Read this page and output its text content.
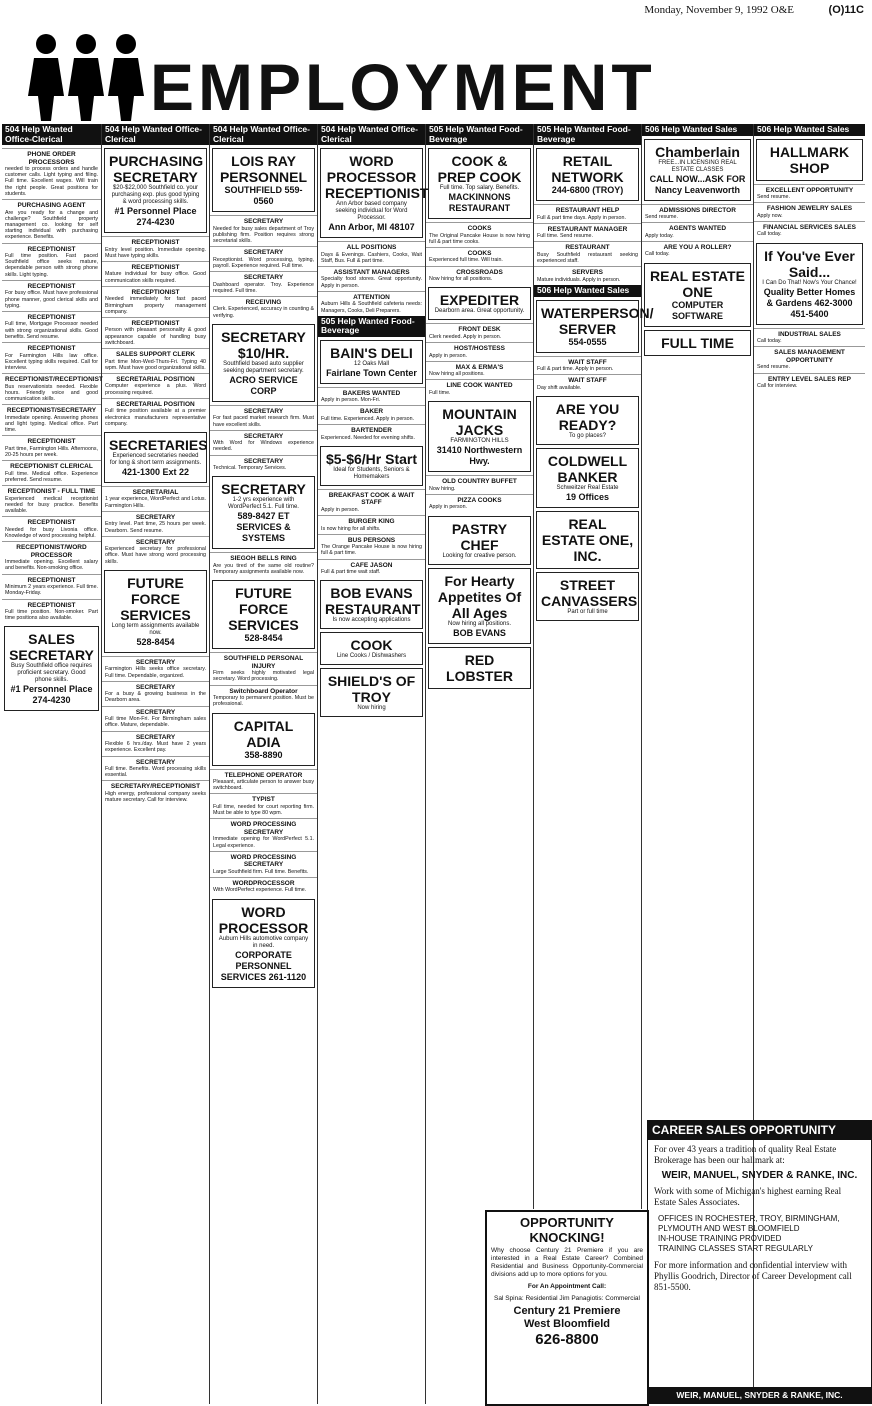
Monday, November 9, 1992 O&E	(O)11C
EMPLOYMENT
504 Help Wanted Office-Clerical
PHONE ORDER PROCESSORS

needed to process orders and handle customer calls. Light typing and filing. Full time. Excellent wages. Will train the right people. Great positions for students.

PURCHASING AGENT

Are you ready for a change and challenge? Southfield property management co. looking for self starting individual with purchasing experience. Benefits.

RECEPTIONIST

Full time position. Fast paced Southfield office seeks mature, dependable person with strong phone skills. Light typing.

RECEPTIONIST

For busy office. Must have professional phone manner, good clerical skills and typing.

RECEPTIONIST

Full time, Mortgage Processor needed with strong organizational skills. Good benefits. Send resume.

RECEPTIONIST

For Farmington Hills law office. Excellent typing skills required. Call for interview.

RECEPTIONIST/RECEPTIONIST

Bus reservationists needed. Flexible hours. Friendly voice and good communication skills.

RECEPTIONIST/SECRETARY

Immediate opening. Answering phones and light typing. Medical office. Part time.

RECEPTIONIST

Part time, Farmington Hills. Afternoons, 20-25 hours per week.

RECEPTIONIST CLERICAL

Full time. Medical office. Experience preferred. Send resume.

RECEPTIONIST - FULL TIME

Experienced medical receptionist needed for busy practice. Benefits available.

RECEPTIONIST

Needed for busy Livonia office. Knowledge of word processing helpful.

RECEPTIONIST/WORD PROCESSOR

Immediate opening. Excellent salary and benefits. Non-smoking office.

RECEPTIONIST

Minimum 2 years experience. Full time. Monday-Friday.

RECEPTIONIST

Full time position. Non-smoker. Part time positions also available.

SALES SECRETARY
Busy Southfield office requires proficient secretary. Good phone skills.
#1 Personnel Place 274-4230
504 Help Wanted Office-Clerical
PURCHASING SECRETARY
$20-$22,000 Southfield co. your purchasing exp. plus good typing & word processing skills.
#1 Personnel Place 274-4230
RECEPTIONIST

Entry level position. Immediate opening. Must have typing skills.

RECEPTIONIST

Mature individual for busy office. Good communication skills required.

RECEPTIONIST

Needed immediately for fast paced Birmingham property management company.

RECEPTIONIST

Person with pleasant personality & good appearance capable of handling busy switchboard.

SALES SUPPORT CLERK

Part time Mon-Wed-Thurs-Fri. Typing 40 wpm. Must have good organizational skills.

SECRETARIAL POSITION

Computer experience a plus. Word processing required.

SECRETARIAL POSITION

Full time position available at a premier electronics manufacturers representative company.

SECRETARIES
Experienced secretaries needed for long & short term assignments.
421-1300 Ext 22
SECRETARIAL

1 year experience, WordPerfect and Lotus. Farmington Hills.

SECRETARY

Entry level. Part time, 25 hours per week. Dearborn. Send resume.

SECRETARY

Experienced secretary for professional office. Must have strong word processing skills.

FUTURE FORCE SERVICES
Long term assignments available now.
528-8454
SECRETARY

Farmington Hills seeks office secretary. Full time. Dependable, organized.

SECRETARY

For a busy & growing business in the Dearborn area.

SECRETARY

Full time Mon-Fri. For Birmingham sales office. Mature, dependable.

SECRETARY

Flexible 6 hrs./day. Must have 2 years experience. Excellent pay.

SECRETARY

Full time. Benefits. Word processing skills essential.

SECRETARY/RECEPTIONIST

High energy, professional company seeks mature secretary. Call for interview.

504 Help Wanted Office-Clerical
LOIS RAY PERSONNEL
SOUTHFIELD 559-0560
SECRETARY

Needed for busy sales department of Troy publishing firm. Position requires strong secretarial skills.

SECRETARY

Receptionist. Word processing, typing, payroll. Experience required. Full time.

SECRETARY

Dashboard operator. Troy. Experience required. Full time.

RECEIVING

Clerk. Experienced, accuracy in counting & verifying.

SECRETARY $10/HR.
Southfield based auto supplier seeking department secretary.
ACRO SERVICE CORP
SECRETARY

For fast paced market research firm. Must have excellent skills.

SECRETARY

With Word for Windows experience needed.

SECRETARY

Technical. Temporary Services.

SECRETARY
1-2 yrs experience with WordPerfect 5.1. Full time.
589-8427 ET SERVICES & SYSTEMS
SIEGOH BELLS RING

Are you tired of the same old routine? Temporary assignments available now.

FUTURE FORCE SERVICES
528-8454
SOUTHFIELD PERSONAL INJURY

Firm seeks highly motivated legal secretary. Word processing.

Switchboard Operator

Temporary to permanent position. Must be professional.

CAPITAL ADIA
358-8890
TELEPHONE OPERATOR

Pleasant, articulate person to answer busy switchboard.

TYPIST

Full time, needed for court reporting firm. Must be able to type 80 wpm.

WORD PROCESSING SECRETARY

Immediate opening for WordPerfect 5.1. Legal experience.

WORD PROCESSING SECRETARY

Large Southfield firm. Full time. Benefits.

WORDPROCESSOR

With WordPerfect experience. Full time.

WORD PROCESSOR
Auburn Hills automotive company in need.
CORPORATE PERSONNEL SERVICES 261-1120
504 Help Wanted Office-Clerical
WORD PROCESSOR RECEPTIONIST
Ann Arbor based company seeking individual for Word Processor.
Ann Arbor, MI 48107
ALL POSITIONS

Days & Evenings. Cashiers, Cooks, Wait Staff, Bus. Full & part time.

ASSISTANT MANAGERS

Specialty food stores. Great opportunity. Apply in person.

ATTENTION

Auburn Hills & Southfield cafeteria needs: Managers, Cooks, Deli Preparers.

505 Help Wanted Food-Beverage
BAIN'S DELI
12 Oaks Mall
Fairlane Town Center
BAKERS WANTED

Apply in person. Mon-Fri.

BAKER

Full time. Experienced. Apply in person.

BARTENDER

Experienced. Needed for evening shifts.

$5-$6/Hr Start
Ideal for Students, Seniors & Homemakers
BREAKFAST COOK & WAIT STAFF

Apply in person.

BURGER KING

Is now hiring for all shifts.

BUS PERSONS

The Orange Pancake House is now hiring full & part time.

CAFE JASON

Full & part time wait staff.

BOB EVANS RESTAURANT
Is now accepting applications
COOK
Line Cooks / Dishwashers
SHIELD'S OF TROY
Now hiring
505 Help Wanted Food-Beverage
COOK & PREP COOK
Full time. Top salary. Benefits.
MACKINNONS RESTAURANT
COOKS

The Original Pancake House is now hiring full & part time cooks.

COOKS

Experienced full time. Will train.

CROSSROADS

Now hiring for all positions.

EXPEDITER
Dearborn area. Great opportunity.
FRONT DESK

Clerk needed. Apply in person.

HOST/HOSTESS

Apply in person.

MAX & ERMA'S

Now hiring all positions.

LINE COOK WANTED

Full time.

MOUNTAIN JACKS
FARMINGTON HILLS
31410 Northwestern Hwy.
OLD COUNTRY BUFFET

Now hiring.

PIZZA COOKS

Apply in person.

PASTRY CHEF
Looking for creative person.
For Hearty Appetites Of All Ages
Now hiring all positions.
BOB EVANS
RED LOBSTER
505 Help Wanted Food-Beverage
RETAIL NETWORK
244-6800 (TROY)
RESTAURANT HELP

Full & part time days. Apply in person.

RESTAURANT MANAGER

Full time. Send resume.

RESTAURANT

Busy Southfield restaurant seeking experienced staff.

SERVERS

Mature individuals. Apply in person.

506 Help Wanted Sales
WATERPERSON/ SERVER
554-0555
WAIT STAFF

Full & part time. Apply in person.

WAIT STAFF

Day shift available.

ARE YOU READY?
To go places?
COLDWELL BANKER
Schweitzer Real Estate
19 Offices
REAL ESTATE ONE, INC.
STREET CANVASSERS
Part or full time
506 Help Wanted Sales
Chamberlain
FREE...IN LICENSING REAL ESTATE CLASSES
CALL NOW...ASK FOR Nancy Leavenworth
ADMISSIONS DIRECTOR

Send resume.

AGENTS WANTED

Apply today.

ARE YOU A ROLLER?

Call today.

REAL ESTATE ONE
COMPUTER SOFTWARE
FULL TIME
506 Help Wanted Sales
HALLMARK SHOP
EXCELLENT OPPORTUNITY

Send resume.

FASHION JEWELRY SALES

Apply now.

FINANCIAL SERVICES SALES

Call today.

If You've Ever Said...
I Can Do That! Now's Your Chance!
Quality Better Homes & Gardens 462-3000 451-5400
INDUSTRIAL SALES

Call today.

SALES MANAGEMENT OPPORTUNITY

Send resume.

ENTRY LEVEL SALES REP

Call for interview.

OPPORTUNITY KNOCKING!
Why choose Century 21 Premiere if you are interested in a Real Estate Career? Combined Residential and Business Opportunity-Commercial divisions add up to more options for you.
For An Appointment Call:
Sal Spina: Residential Jim Panagiotis: Commercial
Century 21 Premiere
West Bloomfield
626-8800
CAREER SALES OPPORTUNITY
For over 43 years a tradition of quality Real Estate Brokerage has been our hallmark at:
WEIR, MANUEL, SNYDER & RANKE, INC.
Work with some of Michigan's highest earning Real Estate Sales Associates.
• OFFICES IN ROCHESTER, TROY, BIRMINGHAM, PLYMOUTH AND WEST BLOOMFIELD
• IN-HOUSE TRAINING PROVIDED
• TRAINING CLASSES START REGULARLY
For more information and confidential interview with Phyllis Goodrich, Director of Career Development call 851-5500.
WEIR, MANUEL, SNYDER & RANKE, INC.
